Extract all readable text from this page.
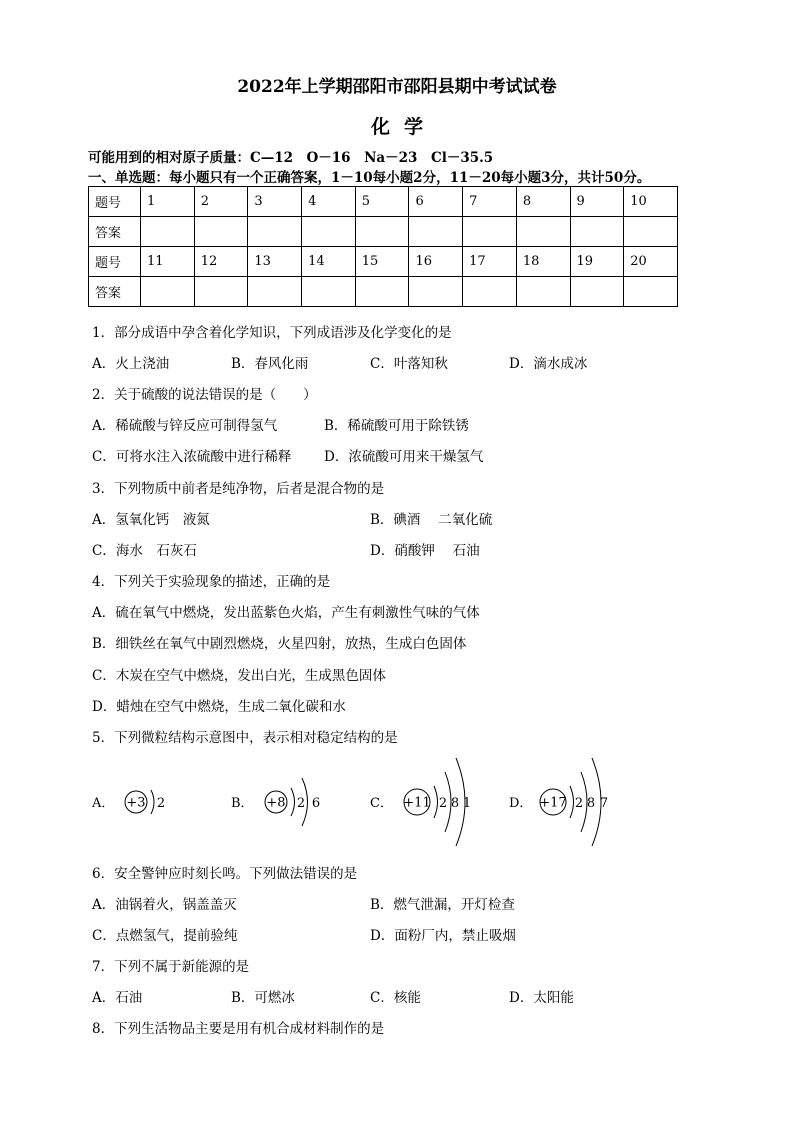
2022年上学期邵阳市邵阳县期中考试试卷
化学
可能用到的相对原子质量：C—12　O－16　Na－23　Cl－35.5
一、单选题：每小题只有一个正确答案，1－10每小题2分，11－20每小题3分，共计50分。
题号	1	2	3	4	5	6	7	8	9	10
答案										
题号	11	12	13	14	15	16	17	18	19	20
答案										
1．部分成语中孕含着化学知识，下列成语涉及化学变化的是
A．火上浇油	B．春风化雨	C．叶落知秋	D．滴水成冰
2．关于硫酸的说法错误的是（　　）
A．稀硫酸与锌反应可制得氢气	B．稀硫酸可用于除铁锈
C．可将水注入浓硫酸中进行稀释 D．浓硫酸可用来干燥氢气
3．下列物质中前者是纯净物，后者是混合物的是
A．氢氧化钙　液氮	B．碘酒　 二氧化硫
C．海水　石灰石	D．硝酸钾　 石油
4．下列关于实验现象的描述，正确的是
A．硫在氧气中燃烧，发出蓝紫色火焰，产生有刺激性气味的气体
B．细铁丝在氧气中剧烈燃烧，火星四射，放热，生成白色固体
C．木炭在空气中燃烧，发出白光，生成黑色固体
D．蜡烛在空气中燃烧，生成二氧化碳和水
5．下列微粒结构示意图中，表示相对稳定结构的是
A． +3 2	B． +8 2 6	C． +11 2 8 1	D． +17 2 8 7
6．安全警钟应时刻长鸣。下列做法错误的是
A．油锅着火，锅盖盖灭	B．燃气泄漏，开灯检查
C．点燃氢气，提前验纯	D．面粉厂内，禁止吸烟
7．下列不属于新能源的是
A．石油	B．可燃冰	C．核能	D．太阳能
8．下列生活物品主要是用有机合成材料制作的是
